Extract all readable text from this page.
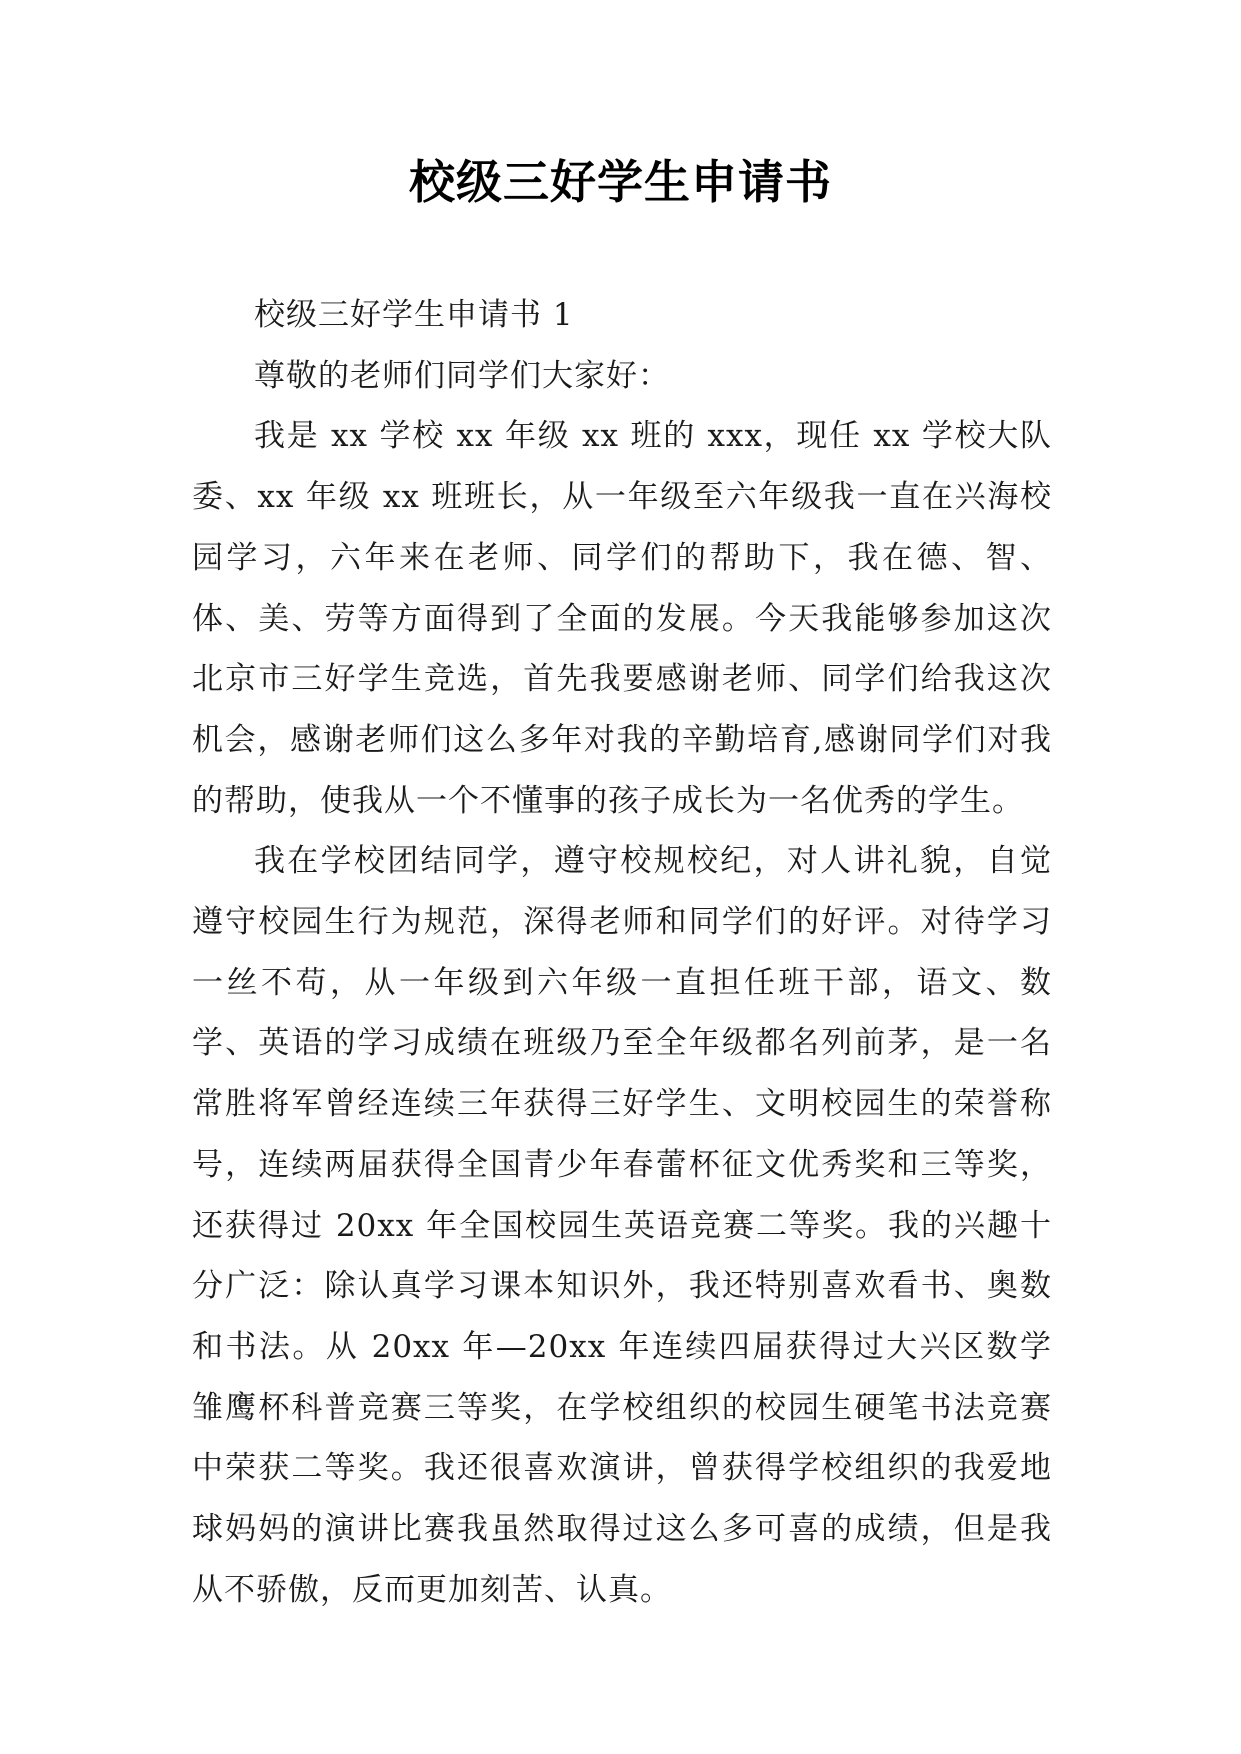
校级三好学生申请书

校级三好学生申请书 1

尊敬的老师们同学们大家好：

我是 xx 学校 xx 年级 xx 班的 xxx，现任 xx 学校大队委、xx 年级 xx 班班长，从一年级至六年级我一直在兴海校园学习，六年来在老师、同学们的帮助下，我在德、智、体、美、劳等方面得到了全面的发展。今天我能够参加这次北京市三好学生竞选，首先我要感谢老师、同学们给我这次机会，感谢老师们这么多年对我的辛勤培育,感谢同学们对我的帮助，使我从一个不懂事的孩子成长为一名优秀的学生。

我在学校团结同学，遵守校规校纪，对人讲礼貌，自觉遵守校园生行为规范，深得老师和同学们的好评。对待学习一丝不苟，从一年级到六年级一直担任班干部，语文、数学、英语的学习成绩在班级乃至全年级都名列前茅，是一名常胜将军曾经连续三年获得三好学生、文明校园生的荣誉称号，连续两届获得全国青少年春蕾杯征文优秀奖和三等奖，还获得过 20xx 年全国校园生英语竞赛二等奖。我的兴趣十分广泛：除认真学习课本知识外，我还特别喜欢看书、奥数和书法。从 20xx 年—20xx 年连续四届获得过大兴区数学雏鹰杯科普竞赛三等奖，在学校组织的校园生硬笔书法竞赛中荣获二等奖。我还很喜欢演讲，曾获得学校组织的我爱地球妈妈的演讲比赛我虽然取得过这么多可喜的成绩，但是我从不骄傲，反而更加刻苦、认真。
